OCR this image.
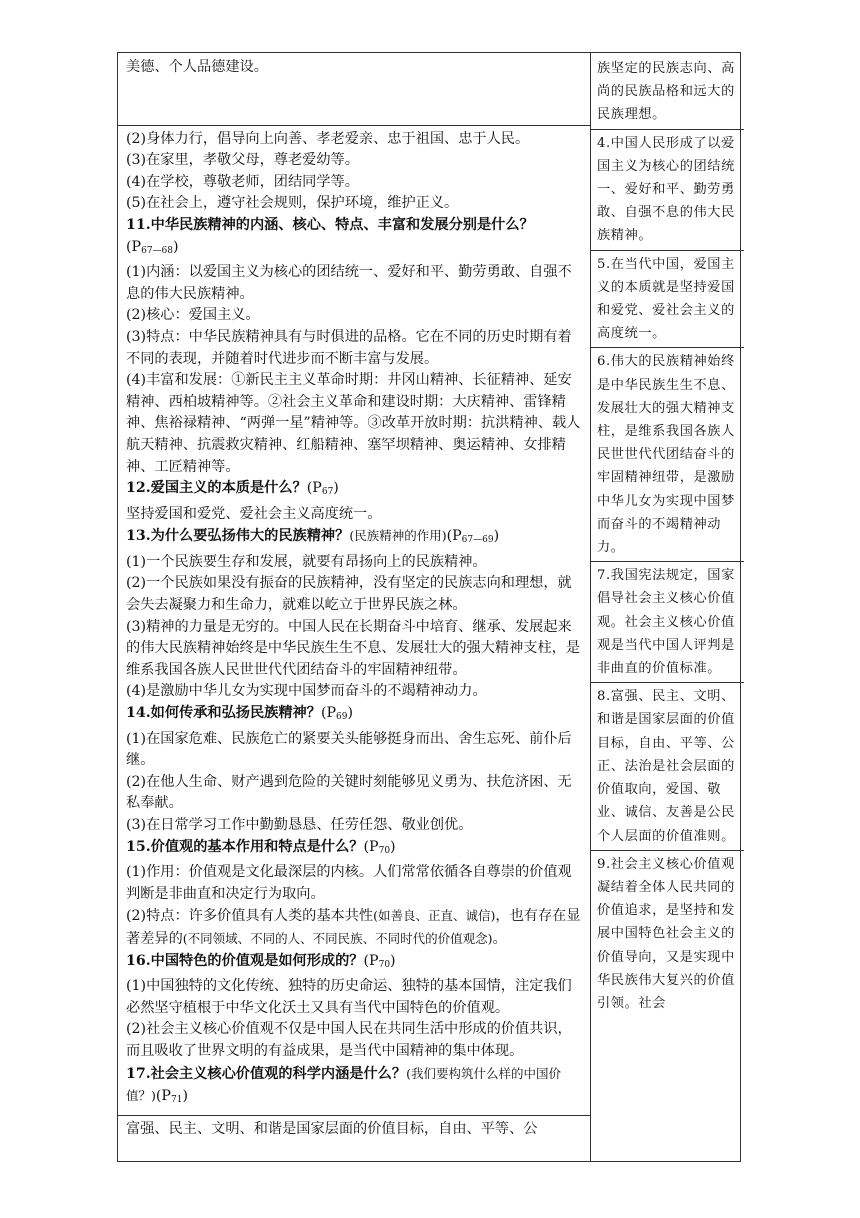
美德、个人品德建设。

(2)身体力行，倡导向上向善、孝老爱亲、忠于祖国、忠于人民。

(3)在家里，孝敬父母，尊老爱幼等。

(4)在学校，尊敬老师，团结同学等。

(5)在社会上，遵守社会规则，保护环境，维护正义。

11.中华民族精神的内涵、核心、特点、丰富和发展分别是什么？
$(P_{67—68})$

(1)内涵：以爱国主义为核心的团结统一、爱好和平、勤劳勇敢、自强不息的伟大民族精神。

(2)核心：爱国主义。

(3)特点：中华民族精神具有与时俱进的品格。它在不同的历史时期有着不同的表现，并随着时代进步而不断丰富与发展。

(4)丰富和发展：①新民主主义革命时期：井冈山精神、长征精神、延安精神、西柏坡精神等。②社会主义革命和建设时期：大庆精神、雷锋精神、焦裕禄精神、“两弹一星”精神等。③改革开放时期：抗洪精神、载人航天精神、抗震救灾精神、红船精神、塞罕坝精神、奥运精神、女排精神、工匠精神等。

12.爱国主义的本质是什么？$(P_{67})$

坚持爱国和爱党、爱社会主义高度统一。

13.为什么要弘扬伟大的民族精神？(民族精神的作用)$(P_{67—69})$

(1)一个民族要生存和发展，就要有昂扬向上的民族精神。

(2)一个民族如果没有振奋的民族精神，没有坚定的民族志向和理想，就会失去凝聚力和生命力，就难以屹立于世界民族之林。

(3)精神的力量是无穷的。中国人民在长期奋斗中培育、继承、发展起来的伟大民族精神始终是中华民族生生不息、发展壮大的强大精神支柱，是维系我国各族人民世世代代团结奋斗的牢固精神纽带。

(4)是激励中华儿女为实现中国梦而奋斗的不竭精神动力。

14.如何传承和弘扬民族精神？$(P_{69})$

(1)在国家危难、民族危亡的紧要关头能够挺身而出、舍生忘死、前仆后继。

(2)在他人生命、财产遇到危险的关键时刻能够见义勇为、扶危济困、无私奉献。

(3)在日常学习工作中勤勤恳恳、任劳任怨、敬业创优。

15.价值观的基本作用和特点是什么？$(P_{70})$

(1)作用：价值观是文化最深层的内核。人们常常依循各自尊崇的价值观判断是非曲直和决定行为取向。

(2)特点：许多价值具有人类的基本共性(如善良、正直、诚信)，也有存在显著差异的(不同领域、不同的人、不同民族、不同时代的价值观念)。

16.中国特色的价值观是如何形成的？$(P_{70})$

(1)中国独特的文化传统、独特的历史命运、独特的基本国情，注定我们必然坚守植根于中华文化沃土又具有当代中国特色的价值观。

(2)社会主义核心价值观不仅是中国人民在共同生活中形成的价值共识，而且吸收了世界文明的有益成果，是当代中国精神的集中体现。

17.社会主义核心价值观的科学内涵是什么？(我们要构筑什么样的中国价值？)$(P_{71})$

富强、民主、文明、和谐是国家层面的价值目标，自由、平等、公

族坚定的民族志向、高尚的民族品格和远大的民族理想。

4.中国人民形成了以爱国主义为核心的团结统一、爱好和平、勤劳勇敢、自强不息的伟大民族精神。

5.在当代中国，爱国主义的本质就是坚持爱国和爱党、爱社会主义的高度统一。

6.伟大的民族精神始终是中华民族生生不息、发展壮大的强大精神支柱，是维系我国各族人民世世代代团结奋斗的牢固精神纽带，是激励中华儿女为实现中国梦而奋斗的不竭精神动力。

7.我国宪法规定，国家倡导社会主义核心价值观。社会主义核心价值观是当代中国人评判是非曲直的价值标准。

8.富强、民主、文明、和谐是国家层面的价值目标，自由、平等、公正、法治是社会层面的价值取向，爱国、敬业、诚信、友善是公民个人层面的价值准则。

9.社会主义核心价值观凝结着全体人民共同的价值追求，是坚持和发展中国特色社会主义的价值导向，又是实现中华民族伟大复兴的价值引领。社会
